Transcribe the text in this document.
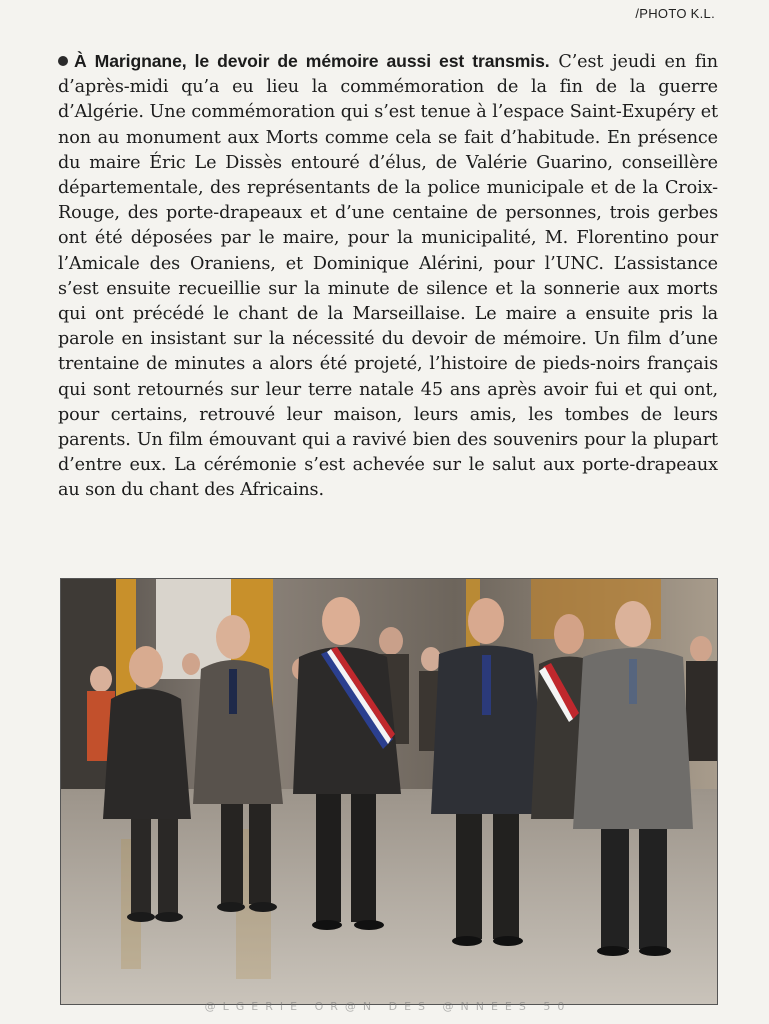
/PHOTO K.L.
À Marignane, le devoir de mémoire aussi est transmis. C’est jeudi en fin d’après-midi qu’a eu lieu la commémoration de la fin de la guerre d’Algérie. Une commémoration qui s’est tenue à l’espace Saint-Exupéry et non au monument aux Morts comme cela se fait d’habitude. En présence du maire Éric Le Dissès entouré d’élus, de Valérie Guarino, conseillère départementale, des représentants de la police municipale et de la Croix-Rouge, des porte-drapeaux et d’une centaine de personnes, trois gerbes ont été déposées par le maire, pour la municipalité, M. Florentino pour l’Amicale des Oraniens, et Dominique Alérini, pour l’UNC. L’assistance s’est ensuite recueillie sur la minute de silence et la sonnerie aux morts qui ont précédé le chant de la Marseillaise. Le maire a ensuite pris la parole en insistant sur la nécessité du devoir de mémoire. Un film d’une trentaine de minutes a alors été projeté, l’histoire de pieds-noirs français qui sont retournés sur leur terre natale 45 ans après avoir fui et qui ont, pour certains, retrouvé leur maison, leurs amis, les tombes de leurs parents. Un film émouvant qui a ravivé bien des souvenirs pour la plupart d’entre eux. La cérémonie s’est achevée sur le salut aux porte-drapeaux au son du chant des Africains.
@LGERIE OR@N DES @NNEES 50
